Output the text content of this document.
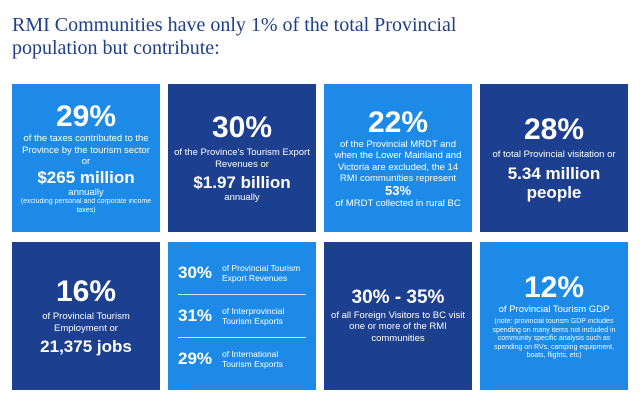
RMI Communities have only 1% of the total Provincial
population but contribute:
29%
of the taxes contributed to the Province by the tourism sector or
$265 million
annually
(excluding personal and corporate income taxes)
30%
of the Province's Tourism Export Revenues or
$1.97 billion
annually
22%
of the Provincial MRDT and when the Lower Mainland and Victoria are excluded, the 14 RMI communities represent 53%
of MRDT collected in rural BC
28%
of total Provincial visitation or
5.34 million
people
16%
of Provincial Tourism Employment or
21,375 jobs
30%	of Provincial Tourism Export Revenues
31%	of Interprovincial Tourism Exports
29%	of International Tourism Exports
30% - 35%
of all Foreign Visitors to BC visit one or more of the RMI communities
12%
of Provincial Tourism GDP
(note: provincial tourism GDP includes spending on many items not included in community specific analysis such as spending on RVs, camping equipment, boats, flights, etc)
